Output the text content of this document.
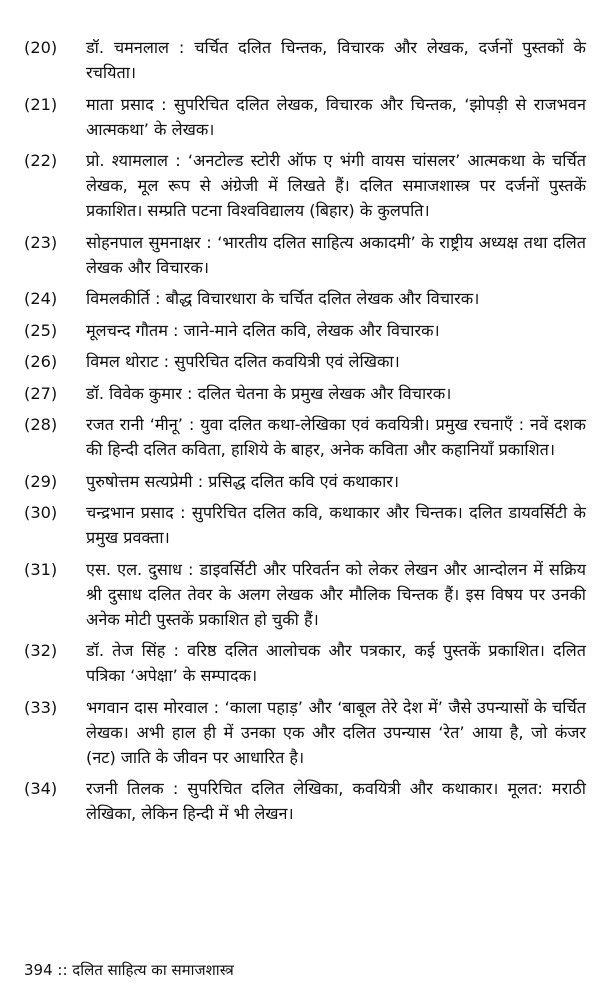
(20)	डॉ. चमनलाल : चर्चित दलित चिन्तक, विचारक और लेखक, दर्जनों पुस्तकों के रचयिता।
(21)	माता प्रसाद : सुपरिचित दलित लेखक, विचारक और चिन्तक, ‘झोपड़ी से राजभवन आत्मकथा’ के लेखक।
(22)	प्रो. श्यामलाल : ‘अनटोल्ड स्टोरी ऑफ ए भंगी वायस चांसलर’ आत्मकथा के चर्चित लेखक, मूल रूप से अंग्रेजी में लिखते हैं। दलित समाजशास्त्र पर दर्जनों पुस्तकें प्रकाशित। सम्प्रति पटना विश्वविद्यालय (बिहार) के कुलपति।
(23)	सोहनपाल सुमनाक्षर : ‘भारतीय दलित साहित्य अकादमी’ के राष्ट्रीय अध्यक्ष तथा दलित लेखक और विचारक।
(24)	विमलकीर्ति : बौद्ध विचारधारा के चर्चित दलित लेखक और विचारक।
(25)	मूलचन्द गौतम : जाने-माने दलित कवि, लेखक और विचारक।
(26)	विमल थोराट : सुपरिचित दलित कवयित्री एवं लेखिका।
(27)	डॉ. विवेक कुमार : दलित चेतना के प्रमुख लेखक और विचारक।
(28)	रजत रानी ‘मीनू’ : युवा दलित कथा-लेखिका एवं कवयित्री। प्रमुख रचनाएँ : नवें दशक की हिन्दी दलित कविता, हाशिये के बाहर, अनेक कविता और कहानियाँ प्रकाशित।
(29)	पुरुषोत्तम सत्यप्रेमी : प्रसिद्ध दलित कवि एवं कथाकार।
(30)	चन्द्रभान प्रसाद : सुपरिचित दलित कवि, कथाकार और चिन्तक। दलित डायवर्सिटी के प्रमुख प्रवक्ता।
(31)	एस. एल. दुसाध : डाइवर्सिटी और परिवर्तन को लेकर लेखन और आन्दोलन में सक्रिय श्री दुसाध दलित तेवर के अलग लेखक और मौलिक चिन्तक हैं। इस विषय पर उनकी अनेक मोटी पुस्तकें प्रकाशित हो चुकी हैं।
(32)	डॉ. तेज सिंह : वरिष्ठ दलित आलोचक और पत्रकार, कई पुस्तकें प्रकाशित। दलित पत्रिका ‘अपेक्षा’ के सम्पादक।
(33)	भगवान दास मोरवाल : ‘काला पहाड़’ और ‘बाबूल तेरे देश में’ जैसे उपन्यासों के चर्चित लेखक। अभी हाल ही में उनका एक और दलित उपन्यास ‘रेत’ आया है, जो कंजर (नट) जाति के जीवन पर आधारित है।
(34)	रजनी तिलक : सुपरिचित दलित लेखिका, कवयित्री और कथाकार। मूलत: मराठी लेखिका, लेकिन हिन्दी में भी लेखन।
394 :: दलित साहित्य का समाजशास्त्र
